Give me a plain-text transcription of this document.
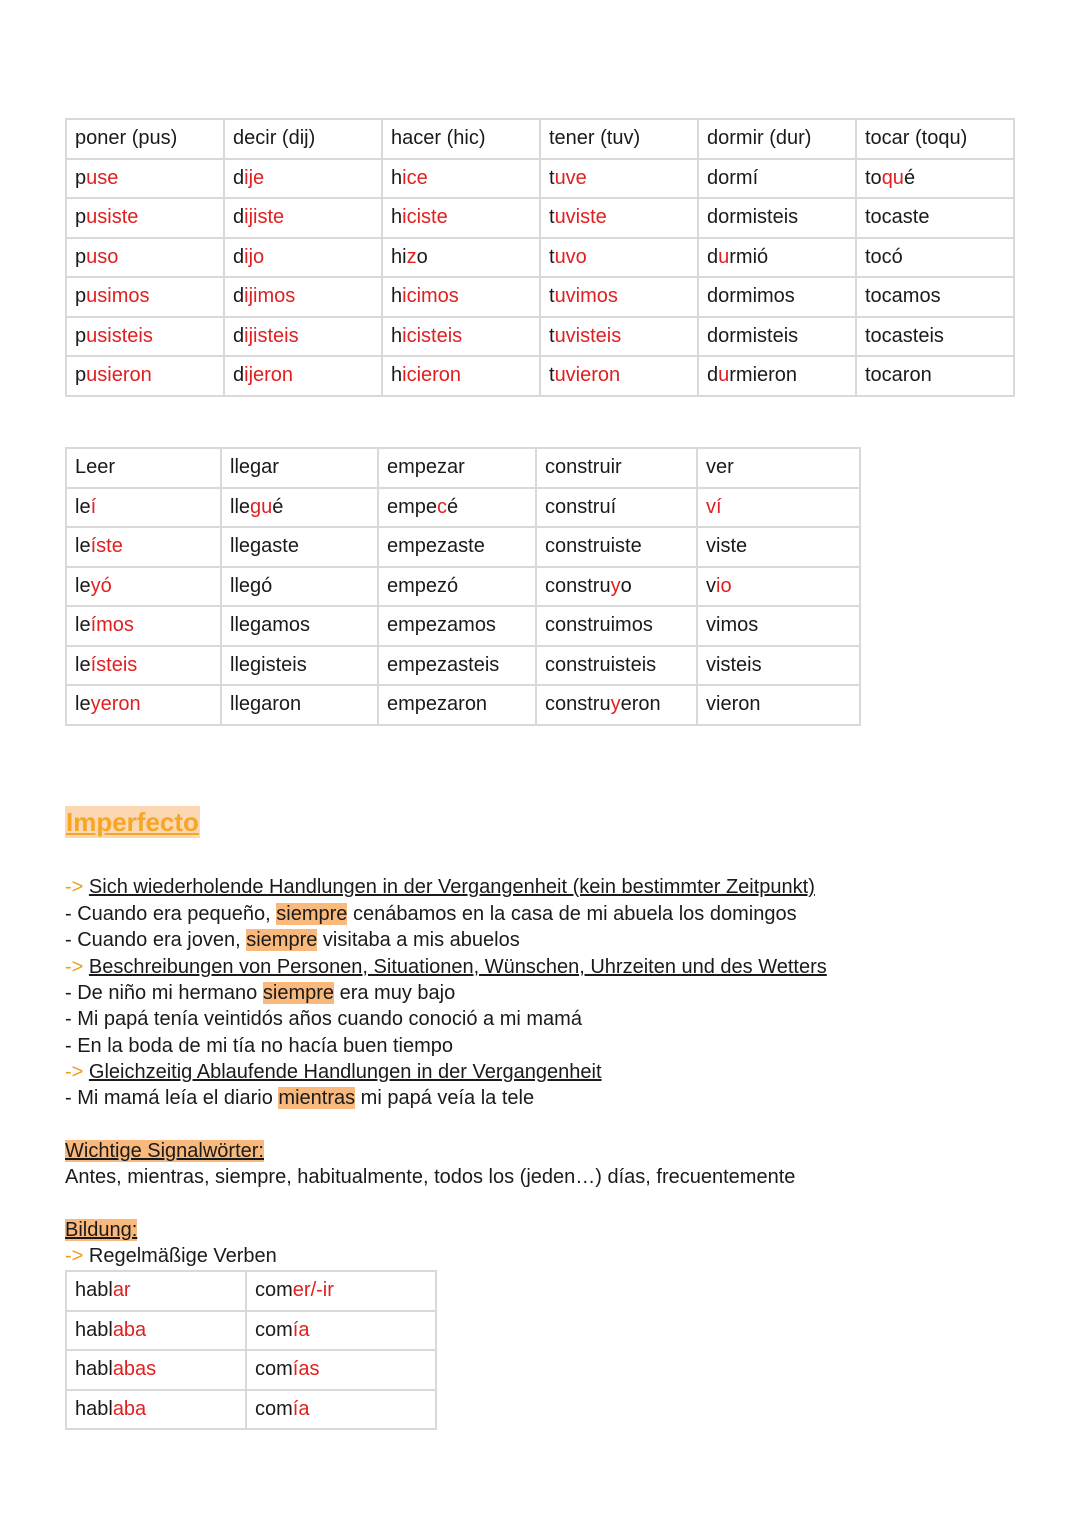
poner (pus)	decir (dij)	hacer (hic)	tener (tuv)	dormir (dur)	tocar (toqu)
puse	dije	hice	tuve	dormí	toqué
pusiste	dijiste	hiciste	tuviste	dormisteis	tocaste
puso	dijo	hizo	tuvo	durmió	tocó
pusimos	dijimos	hicimos	tuvimos	dormimos	tocamos
pusisteis	dijisteis	hicisteis	tuvisteis	dormisteis	tocasteis
pusieron	dijeron	hicieron	tuvieron	durmieron	tocaron
Leer	llegar	empezar	construir	ver
leí	llegué	empecé	construí	ví
leíste	llegaste	empezaste	construiste	viste
leyó	llegó	empezó	construyo	vio
leímos	llegamos	empezamos	construimos	vimos
leísteis	llegisteis	empezasteis	construisteis	visteis
leyeron	llegaron	empezaron	construyeron	vieron
Imperfecto

-> Sich wiederholende Handlungen in der Vergangenheit (kein bestimmter Zeitpunkt)

- Cuando era pequeño, siempre cenábamos en la casa de mi abuela los domingos

- Cuando era joven, siempre visitaba a mis abuelos

-> Beschreibungen von Personen, Situationen, Wünschen, Uhrzeiten und des Wetters

- De niño mi hermano siempre era muy bajo

- Mi papá tenía veintidós años cuando conoció a mi mamá

- En la boda de mi tía no hacía buen tiempo

-> Gleichzeitig Ablaufende Handlungen in der Vergangenheit

- Mi mamá leía el diario mientras mi papá veía la tele

Wichtige Signalwörter:

Antes, mientras, siempre, habitualmente, todos los (jeden…) días, frecuentemente

Bildung:

-> Regelmäßige Verben

hablar	comer/-ir
hablaba	comía
hablabas	comías
hablaba	comía
